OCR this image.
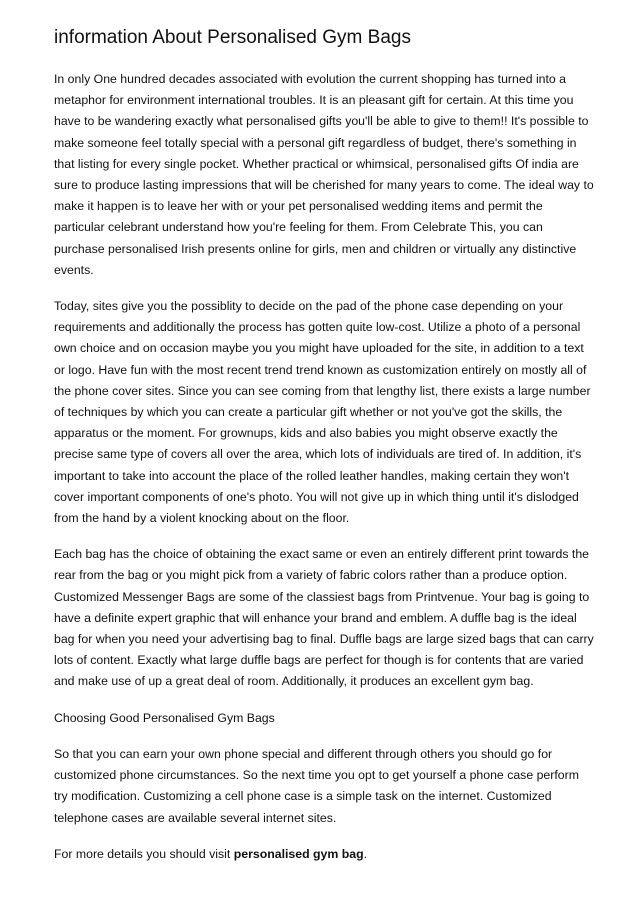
information About Personalised Gym Bags

In only One hundred decades associated with evolution the current shopping has turned into a metaphor for environment international troubles. It is an pleasant gift for certain. At this time you have to be wandering exactly what personalised gifts you'll be able to give to them!! It's possible to make someone feel totally special with a personal gift regardless of budget, there's something in that listing for every single pocket. Whether practical or whimsical, personalised gifts Of india are sure to produce lasting impressions that will be cherished for many years to come. The ideal way to make it happen is to leave her with or your pet personalised wedding items and permit the particular celebrant understand how you're feeling for them. From Celebrate This, you can purchase personalised Irish presents online for girls, men and children or virtually any distinctive events.

Today, sites give you the possiblity to decide on the pad of the phone case depending on your requirements and additionally the process has gotten quite low-cost. Utilize a photo of a personal own choice and on occasion maybe you you might have uploaded for the site, in addition to a text or logo. Have fun with the most recent trend trend known as customization entirely on mostly all of the phone cover sites. Since you can see coming from that lengthy list, there exists a large number of techniques by which you can create a particular gift whether or not you've got the skills, the apparatus or the moment. For grownups, kids and also babies you might observe exactly the precise same type of covers all over the area, which lots of individuals are tired of. In addition, it's important to take into account the place of the rolled leather handles, making certain they won't cover important components of one's photo. You will not give up in which thing until it's dislodged from the hand by a violent knocking about on the floor.

Each bag has the choice of obtaining the exact same or even an entirely different print towards the rear from the bag or you might pick from a variety of fabric colors rather than a produce option. Customized Messenger Bags are some of the classiest bags from Printvenue. Your bag is going to have a definite expert graphic that will enhance your brand and emblem. A duffle bag is the ideal bag for when you need your advertising bag to final. Duffle bags are large sized bags that can carry lots of content. Exactly what large duffle bags are perfect for though is for contents that are varied and make use of up a great deal of room. Additionally, it produces an excellent gym bag.

Choosing Good Personalised Gym Bags

So that you can earn your own phone special and different through others you should go for customized phone circumstances. So the next time you opt to get yourself a phone case perform try modification. Customizing a cell phone case is a simple task on the internet. Customized telephone cases are available several internet sites.

For more details you should visit personalised gym bag.
